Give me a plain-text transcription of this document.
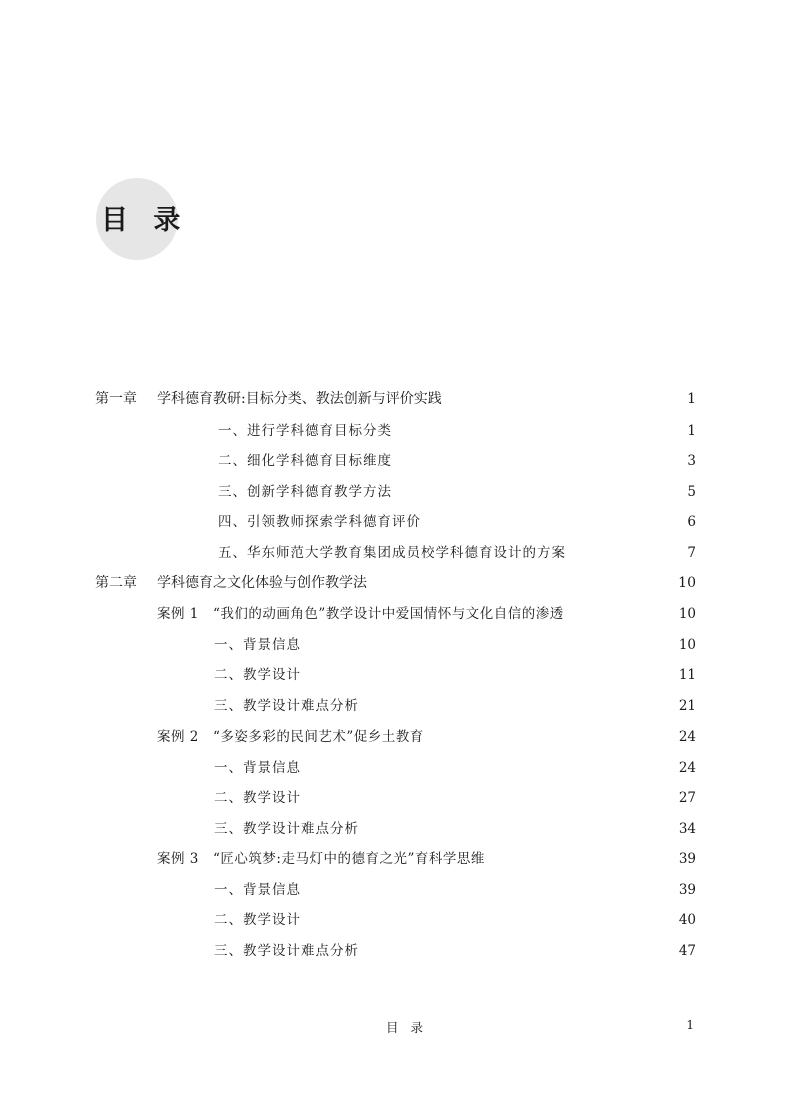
目 录
第一章 学科德育教研:目标分类、教法创新与评价实践	1
一、进行学科德育目标分类	1
二、细化学科德育目标维度	3
三、创新学科德育教学方法	5
四、引领教师探索学科德育评价	6
五、华东师范大学教育集团成员校学科德育设计的方案	7
第二章 学科德育之文化体验与创作教学法	10
案例 1 “我们的动画角色”教学设计中爱国情怀与文化自信的渗透	10
一、背景信息	10
二、教学设计	11
三、教学设计难点分析	21
案例 2 “多姿多彩的民间艺术”促乡土教育	24
一、背景信息	24
二、教学设计	27
三、教学设计难点分析	34
案例 3 “匠心筑梦:走马灯中的德育之光”育科学思维	39
一、背景信息	39
二、教学设计	40
三、教学设计难点分析	47
目 录	1
